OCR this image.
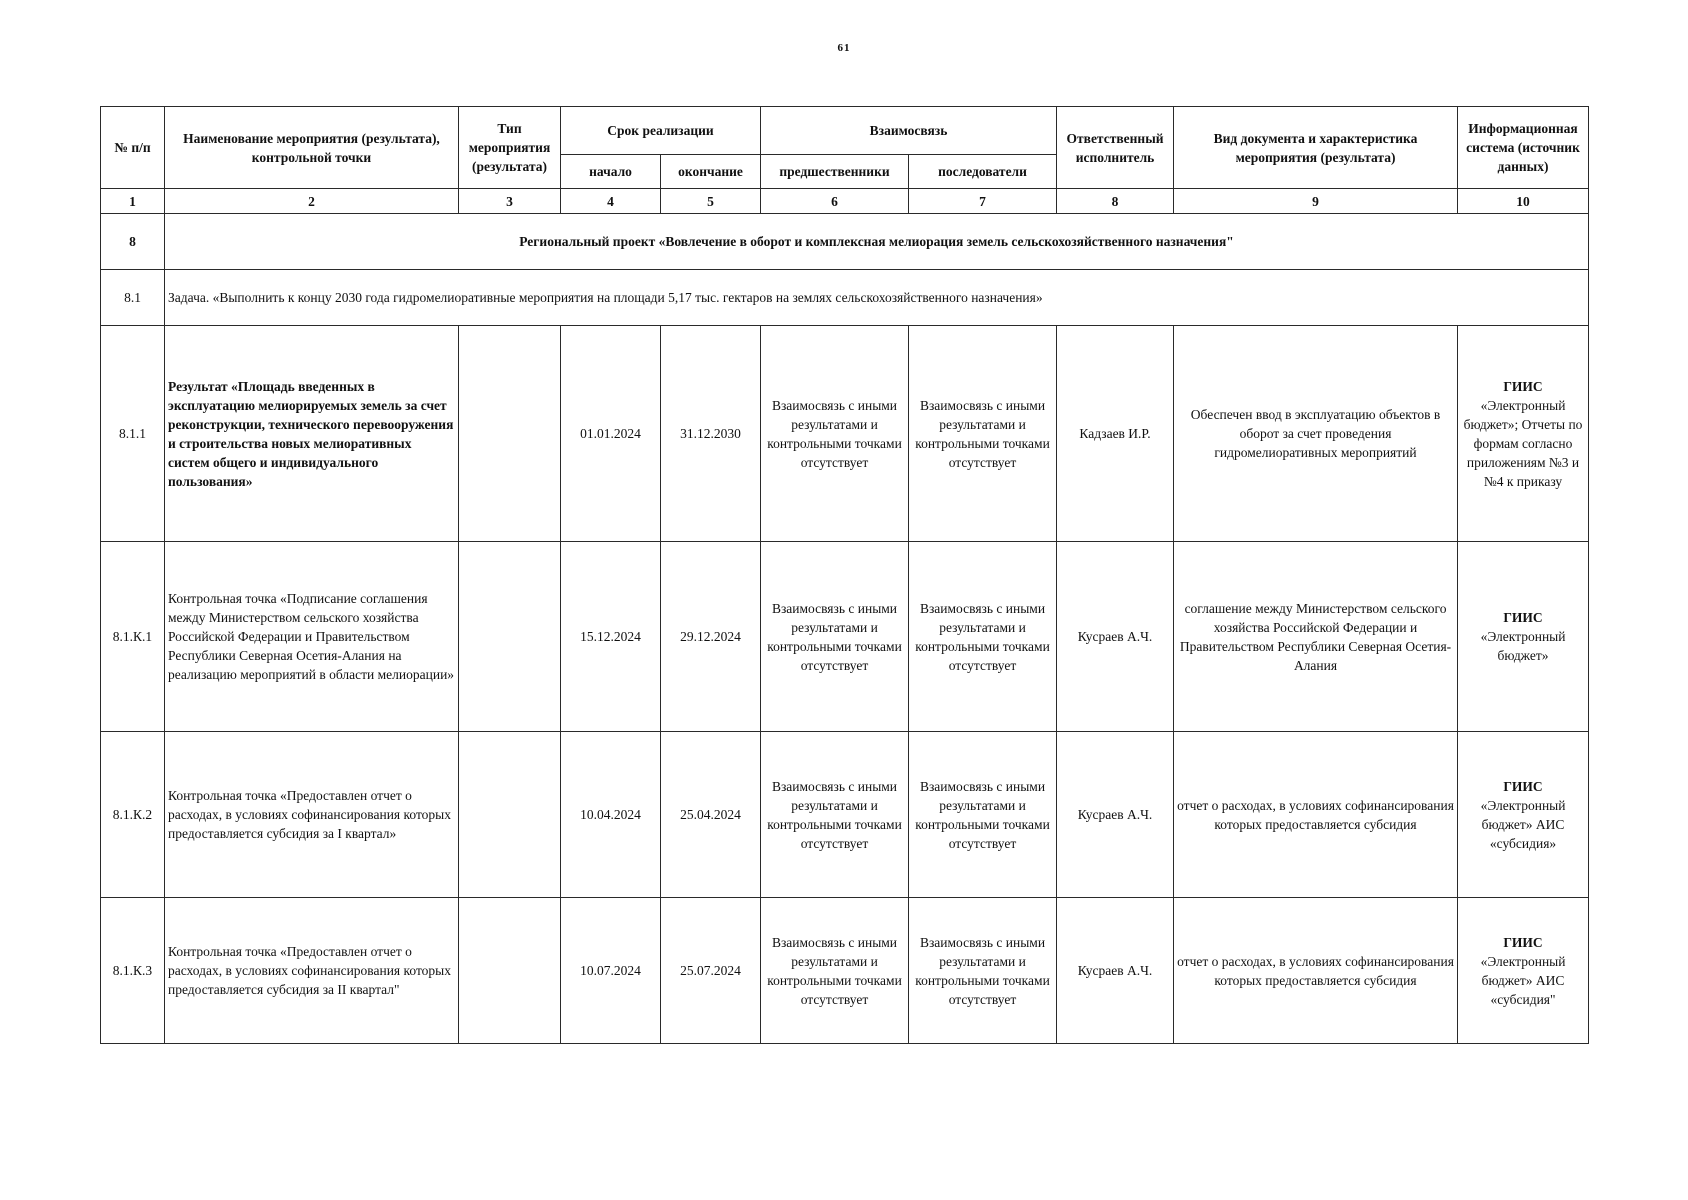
61
№ п/п	Наименование мероприятия (результата), контрольной точки	Тип мероприятия (результата)	Срок реализации		Взаимосвязь		Ответственный исполнитель	Вид документа и характеристика мероприятия (результата)	Информационная система (источник данных)
			начало	окончание	предшественники	последователи			
1	2	3	4	5	6	7	8	9	10
8	Региональный проект «Вовлечение в оборот и комплексная мелиорация земель сельскохозяйственного назначения"								
8.1	Задача. «Выполнить к концу 2030 года гидромелиоративные мероприятия на площади 5,17 тыс. гектаров на землях сельскохозяйственного назначения»								
8.1.1	Результат «Площадь введенных в эксплуатацию мелиорируемых земель за счет реконструкции, технического перевооружения и строительства новых мелиоративных систем общего и индивидуального пользования»		01.01.2024	31.12.2030	Взаимосвязь с иными результатами и контрольными точками отсутствует	Взаимосвязь с иными результатами и контрольными точками отсутствует	Кадзаев И.Р.	Обеспечен ввод в эксплуатацию объектов в оборот за счет проведения гидромелиоративных мероприятий	ГИИС
«Электронный бюджет»; Отчеты по формам согласно приложениям №3 и №4 к приказу
8.1.К.1	Контрольная точка «Подписание соглашения между Министерством сельского хозяйства Российской Федерации и Правительством Республики Северная Осетия-Алания на реализацию мероприятий в области мелиорации»		15.12.2024	29.12.2024	Взаимосвязь с иными результатами и контрольными точками отсутствует	Взаимосвязь с иными результатами и контрольными точками отсутствует	Кусраев А.Ч.	соглашение между Министерством сельского хозяйства Российской Федерации и Правительством Республики Северная Осетия-Алания	ГИИС
«Электронный бюджет»
8.1.К.2	Контрольная точка «Предоставлен отчет о расходах, в условиях софинансирования которых предоставляется субсидия за I квартал»		10.04.2024	25.04.2024	Взаимосвязь с иными результатами и контрольными точками отсутствует	Взаимосвязь с иными результатами и контрольными точками отсутствует	Кусраев А.Ч.	отчет о расходах, в условиях софинансирования которых предоставляется субсидия	ГИИС
«Электронный бюджет» АИС «субсидия»
8.1.К.3	Контрольная точка «Предоставлен отчет о расходах, в условиях софинансирования которых предоставляется субсидия за II квартал"		10.07.2024	25.07.2024	Взаимосвязь с иными результатами и контрольными точками отсутствует	Взаимосвязь с иными результатами и контрольными точками отсутствует	Кусраев А.Ч.	отчет о расходах, в условиях софинансирования которых предоставляется субсидия	ГИИС
«Электронный бюджет» АИС «субсидия"
